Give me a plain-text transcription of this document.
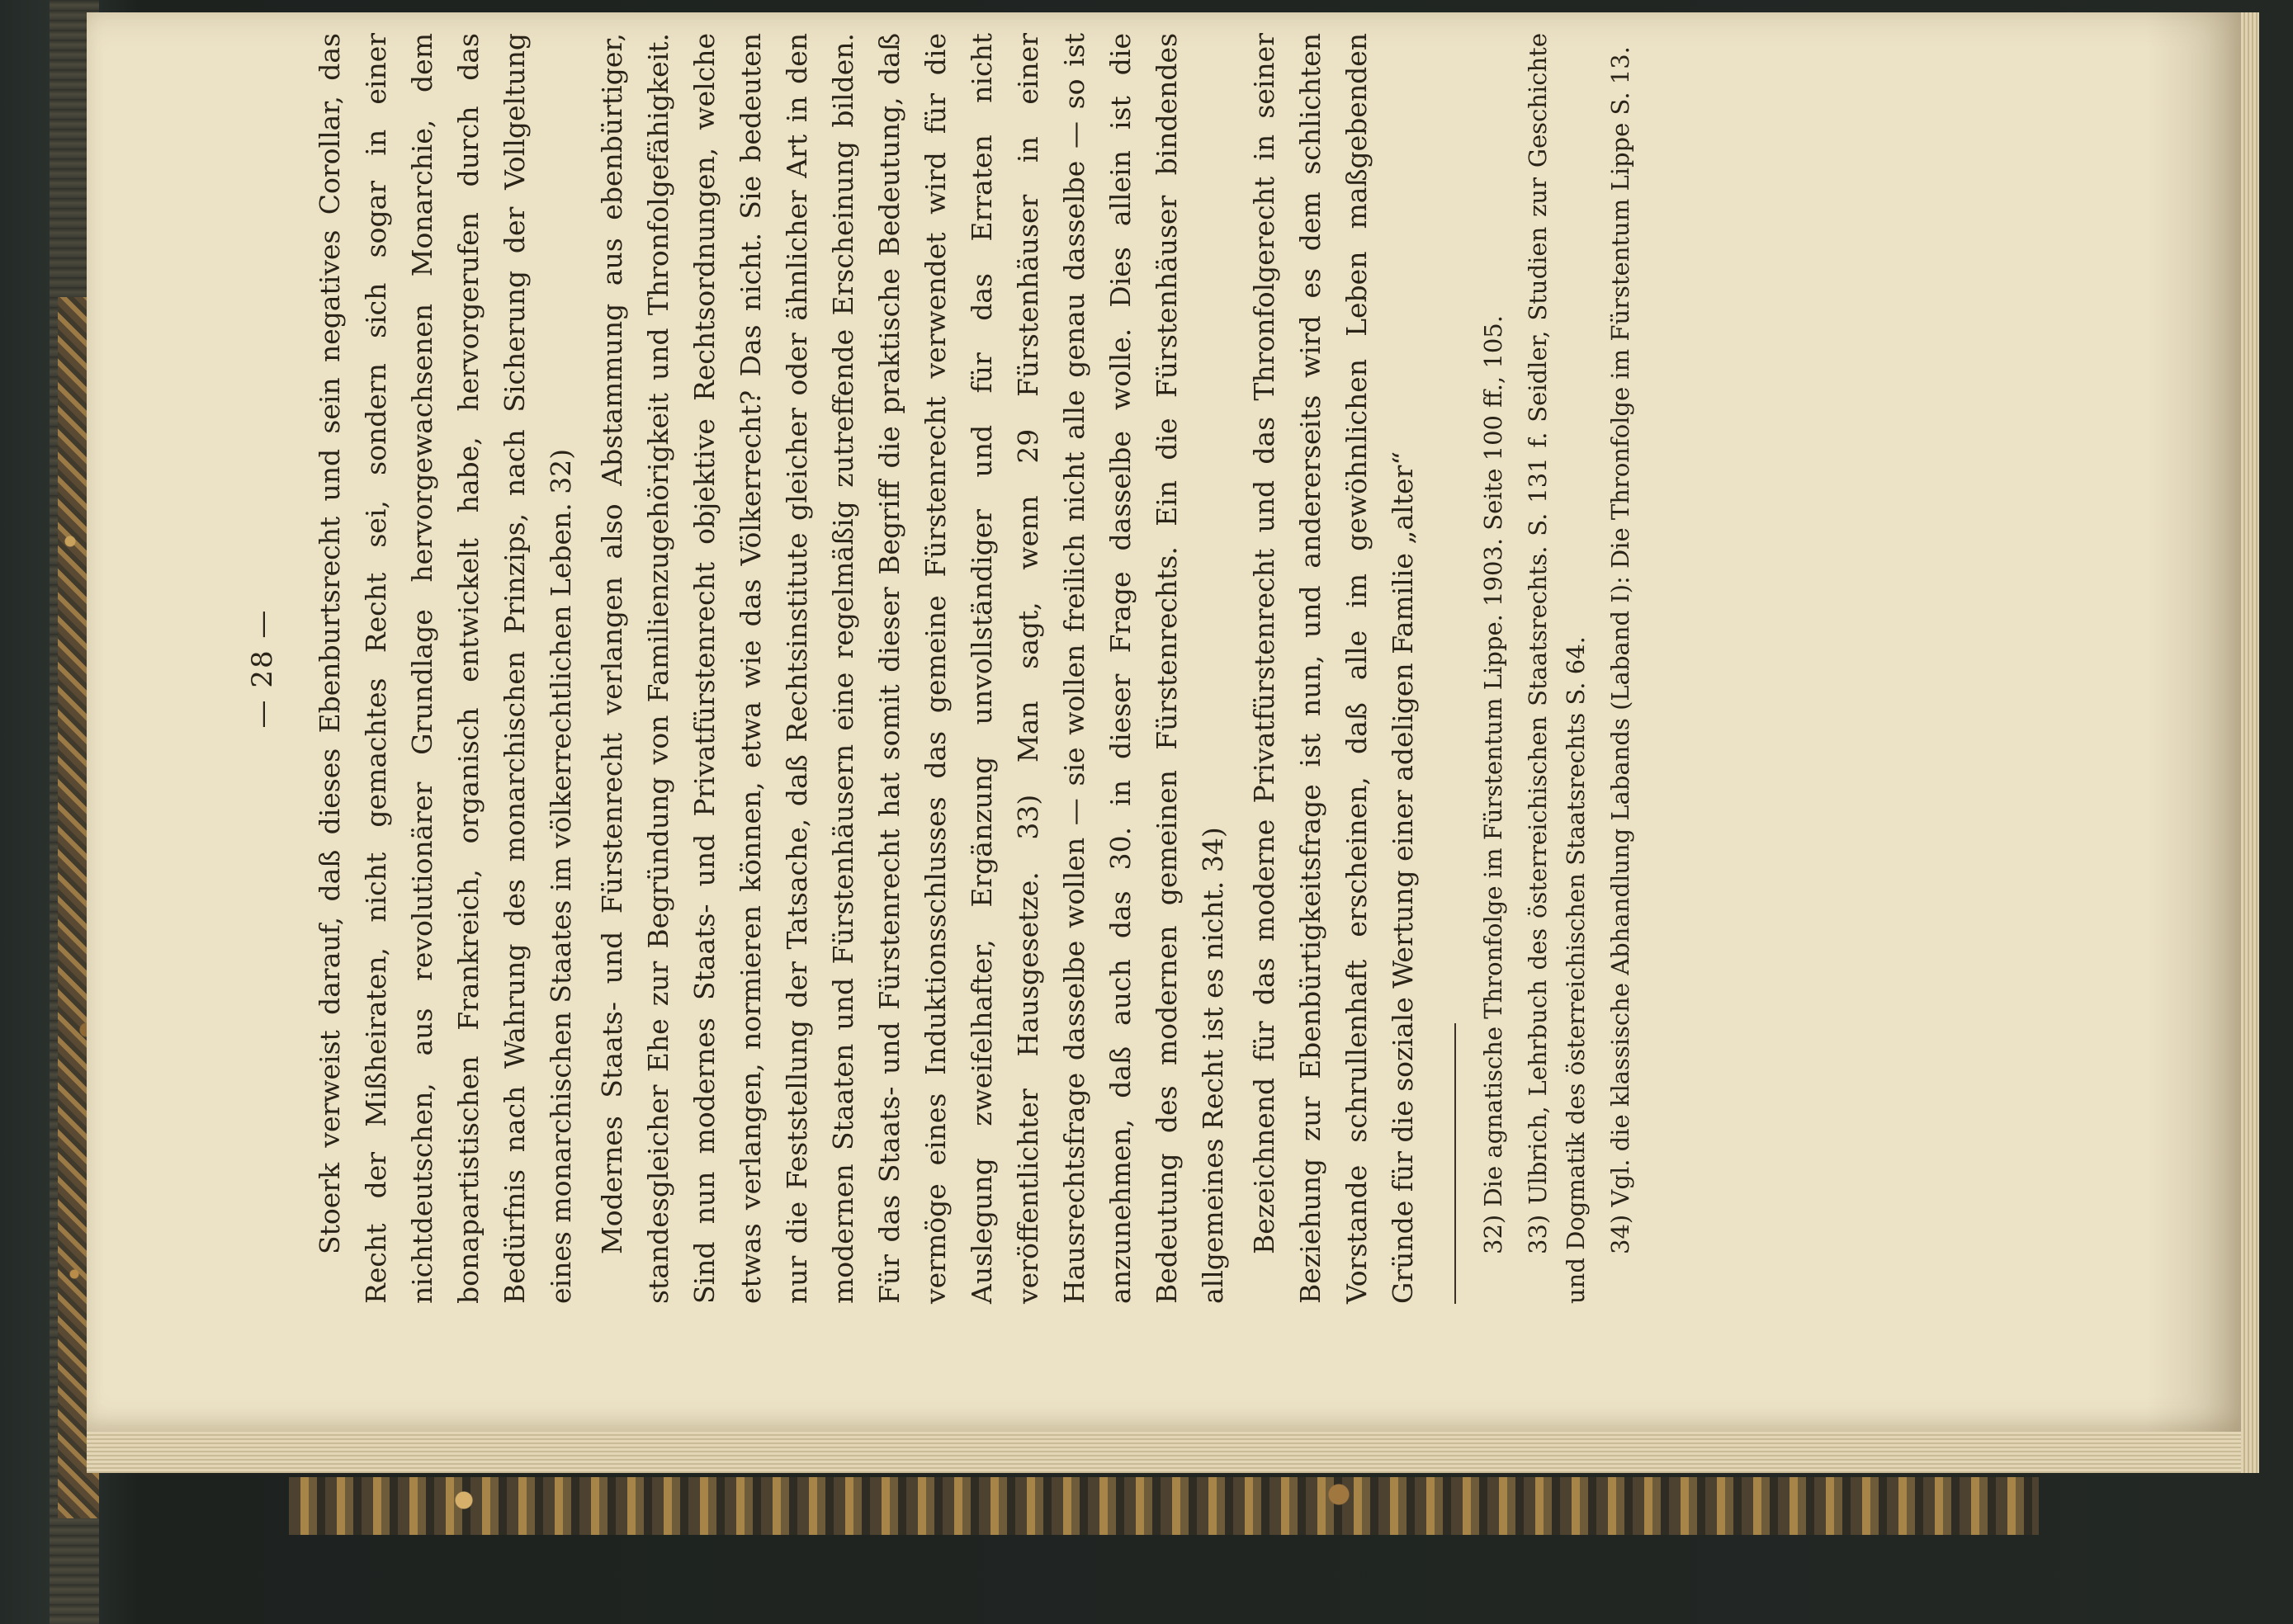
— 28 — Stoerk verweist darauf, daß dieses Ebenburtsrecht und sein negatives Corollar, das Recht der Mißheiraten, nicht gemachtes Recht sei, sondern sich sogar in einer nichtdeutschen, aus revolutionärer Grundlage hervorgewachsenen Monarchie, dem bonapartistischen Frankreich, organisch entwickelt habe, hervorgerufen durch das Bedürfnis nach Wahrung des monarchischen Prinzips, nach Sicherung der Vollgeltung eines monarchischen Staates im völkerrechtlichen Leben. 32) Modernes Staats- und Fürstenrecht verlangen also Abstammung aus ebenbürtiger, standesgleicher Ehe zur Begründung von Familienzugehörigkeit und Thronfolgefähigkeit. Sind nun modernes Staats- und Privatfürstenrecht objektive Rechtsordnungen, welche etwas verlangen, normieren können, etwa wie das Völkerrecht? Das nicht. Sie bedeuten nur die Feststellung der Tatsache, daß Rechtsinstitute gleicher oder ähnlicher Art in den modernen Staaten und Fürstenhäusern eine regelmäßig zutreffende Erscheinung bilden. Für das Staats- und Fürstenrecht hat somit dieser Begriff die praktische Bedeutung, daß vermöge eines Induktionsschlusses das gemeine Fürstenrecht verwendet wird für die Auslegung zweifelhafter, Ergänzung unvollständiger und für das Erraten nicht veröffentlichter Hausgesetze. 33) Man sagt, wenn 29 Fürstenhäuser in einer Hausrechtsfrage dasselbe wollen — sie wollen freilich nicht alle genau dasselbe — so ist anzunehmen, daß auch das 30. in dieser Frage dasselbe wolle. Dies allein ist die Bedeutung des modernen gemeinen Fürstenrechts. Ein die Fürstenhäuser bindendes allgemeines Recht ist es nicht. 34) Bezeichnend für das moderne Privatfürstenrecht und das Thronfolgerecht in seiner Beziehung zur Ebenbürtigkeitsfrage ist nun, und andererseits wird es dem schlichten Vorstande schrullenhaft erscheinen, daß alle im gewöhnlichen Leben maßgebenden Gründe für die soziale Wertung einer adeligen Familie „alter“	32) Die agnatische Thronfolge im Fürstentum Lippe. 1903. Seite 100 ff., 105. 33) Ulbrich, Lehrbuch des österreichischen Staatsrechts. S. 131 f. Seidler, Studien zur Geschichte und Dogmatik des österreichischen Staatsrechts S. 64. 34) Vgl. die klassische Abhandlung Labands (Laband I): Die Thronfolge im Fürstentum Lippe S. 13.
